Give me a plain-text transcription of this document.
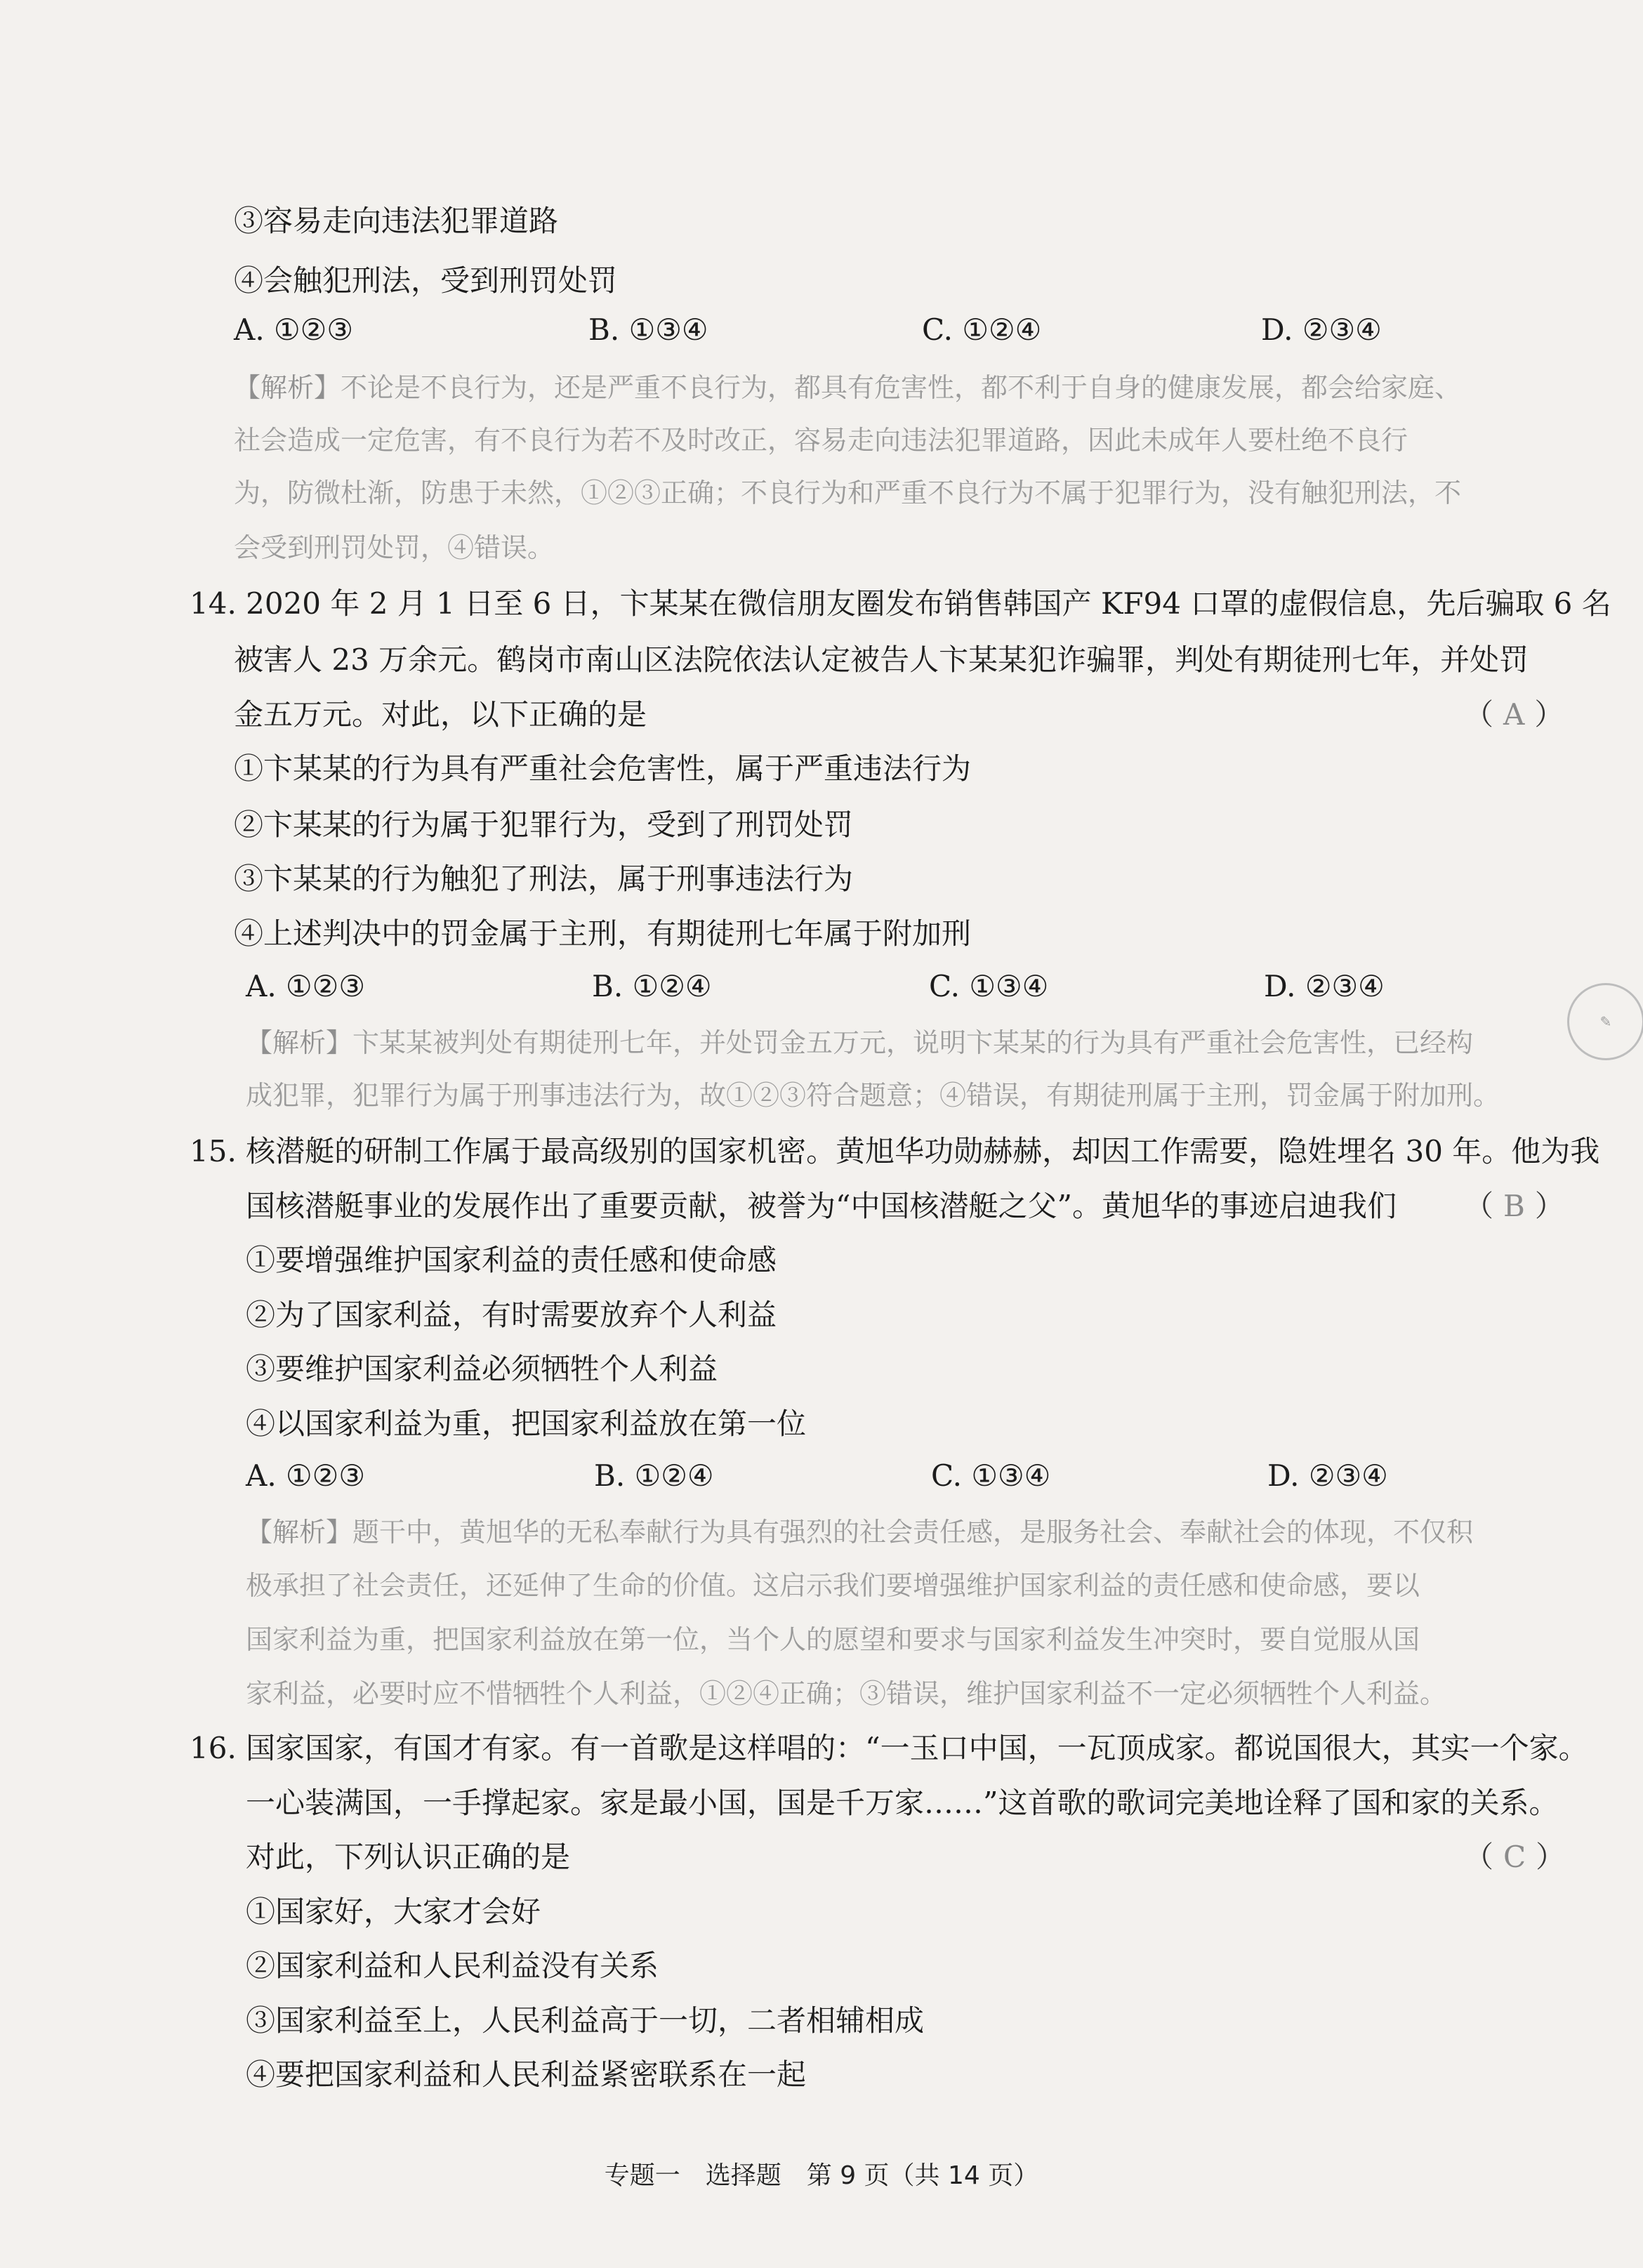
③容易走向违法犯罪道路
④会触犯刑法，受到刑罚处罚
A. ①②③	B. ①③④	C. ①②④	D. ②③④
【解析】不论是不良行为，还是严重不良行为，都具有危害性，都不利于自身的健康发展，都会给家庭、
社会造成一定危害，有不良行为若不及时改正，容易走向违法犯罪道路，因此未成年人要杜绝不良行
为，防微杜渐，防患于未然，①②③正确；不良行为和严重不良行为不属于犯罪行为，没有触犯刑法，不
会受到刑罚处罚，④错误。
14. 2020 年 2 月 1 日至 6 日，卞某某在微信朋友圈发布销售韩国产 KF94 口罩的虚假信息，先后骗取 6 名
被害人 23 万余元。鹤岗市南山区法院依法认定被告人卞某某犯诈骗罪，判处有期徒刑七年，并处罚
金五万元。对此，以下正确的是	（ A ）
①卞某某的行为具有严重社会危害性，属于严重违法行为
②卞某某的行为属于犯罪行为，受到了刑罚处罚
③卞某某的行为触犯了刑法，属于刑事违法行为
④上述判决中的罚金属于主刑，有期徒刑七年属于附加刑
A. ①②③	B. ①②④	C. ①③④	D. ②③④
【解析】卞某某被判处有期徒刑七年，并处罚金五万元，说明卞某某的行为具有严重社会危害性，已经构
成犯罪，犯罪行为属于刑事违法行为，故①②③符合题意；④错误，有期徒刑属于主刑，罚金属于附加刑。
✎
15. 核潜艇的研制工作属于最高级别的国家机密。黄旭华功勋赫赫，却因工作需要，隐姓埋名 30 年。他为我
国核潜艇事业的发展作出了重要贡献，被誉为“中国核潜艇之父”。黄旭华的事迹启迪我们 （ B ）
①要增强维护国家利益的责任感和使命感
②为了国家利益，有时需要放弃个人利益
③要维护国家利益必须牺牲个人利益
④以国家利益为重，把国家利益放在第一位
A. ①②③	B. ①②④	C. ①③④	D. ②③④
【解析】题干中，黄旭华的无私奉献行为具有强烈的社会责任感，是服务社会、奉献社会的体现，不仅积
极承担了社会责任，还延伸了生命的价值。这启示我们要增强维护国家利益的责任感和使命感，要以
国家利益为重，把国家利益放在第一位，当个人的愿望和要求与国家利益发生冲突时，要自觉服从国
家利益，必要时应不惜牺牲个人利益，①②④正确；③错误，维护国家利益不一定必须牺牲个人利益。
16. 国家国家，有国才有家。有一首歌是这样唱的：“一玉口中国，一瓦顶成家。都说国很大，其实一个家。
一心装满国，一手撑起家。家是最小国，国是千万家……”这首歌的歌词完美地诠释了国和家的关系。
对此，下列认识正确的是	（ C ）
①国家好，大家才会好
②国家利益和人民利益没有关系
③国家利益至上，人民利益高于一切，二者相辅相成
④要把国家利益和人民利益紧密联系在一起
专题一　选择题　第 9 页（共 14 页）
